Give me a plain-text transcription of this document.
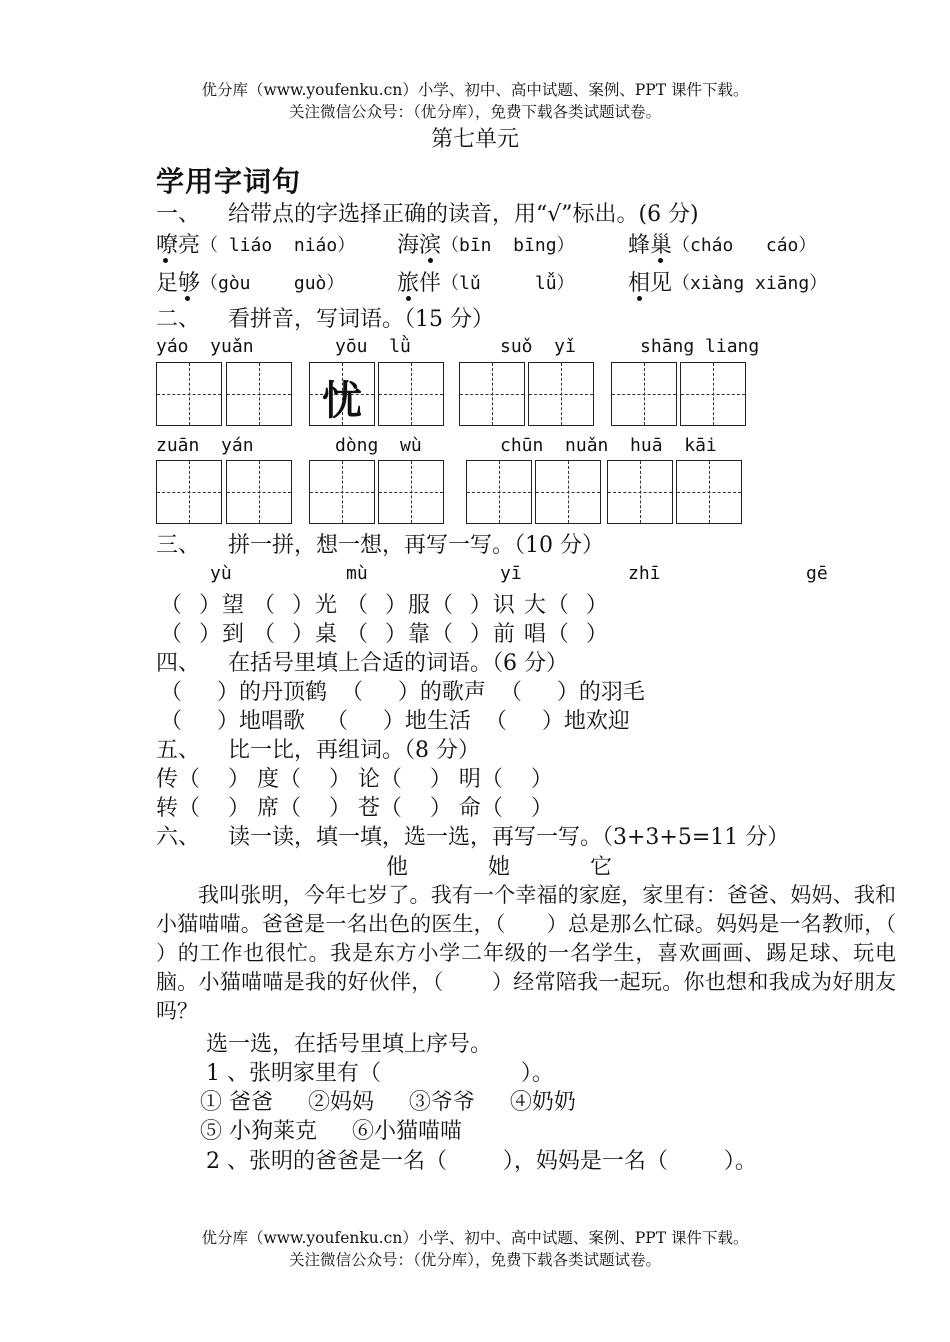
优分库（www.youfenku.cn）小学、初中、高中试题、案例、PPT 课件下载。
关注微信公众号：（优分库），免费下载各类试题试卷。
第七单元
学用字词句
一、    给带点的字选择正确的读音，用“√”标出。(6 分)
嘹亮 （ liáo  niáo） 海滨 （bīn  bīng） 蜂巢 （cháo   cáo）
足够 （gòu    guò） 旅伴 （lǔ     lǚ） 相见 （xiàng xiāng）
二、    看拼音，写词语。（15 分）
yáo  yuǎn	yōu  lǜ	suǒ  yǐ	shāng liang
忧
zuān  yán	dòng  wù	chūn  nuǎn  huā  kāi
三、    拼一拼，想一想，再写一写。（10 分）
yù	mù	yī	zhī	gē
（  ）望 （  ）光 （  ）服（  ）识 大（  ）
（  ）到 （  ）桌 （  ）靠（  ）前 唱（  ）
四、    在括号里填上合适的词语。（6 分）
（     ）的丹顶鹤  （     ）的歌声  （     ）的羽毛
（     ）地唱歌   （     ）地生活  （     ）地欢迎
五、    比一比，再组词。（8 分）
传（    ） 度（    ） 论（    ） 明（    ）
转（    ） 席（    ） 苍（    ） 命（    ）
六、    读一读，填一填，选一选，再写一写。（3+3+5=11 分）
他	她	它
我叫张明，今年七岁了。我有一个幸福的家庭，家里有：爸爸、妈妈、我和小猫喵喵。爸爸是一名出色的医生，（      ）总是那么忙碌。妈妈是一名教师，（       ）的工作也很忙。我是东方小学二年级的一名学生，喜欢画画、踢足球、玩电脑。小猫喵喵是我的好伙伴，（       ）经常陪我一起玩。你也想和我成为好朋友吗？
选一选，在括号里填上序号。
1 、张明家里有（                    ）。
① 爸爸     ②妈妈     ③爷爷     ④奶奶
⑤ 小狗莱克     ⑥小猫喵喵
2 、张明的爸爸是一名（        ），妈妈是一名（        ）。
优分库（www.youfenku.cn）小学、初中、高中试题、案例、PPT 课件下载。
关注微信公众号：（优分库），免费下载各类试题试卷。
